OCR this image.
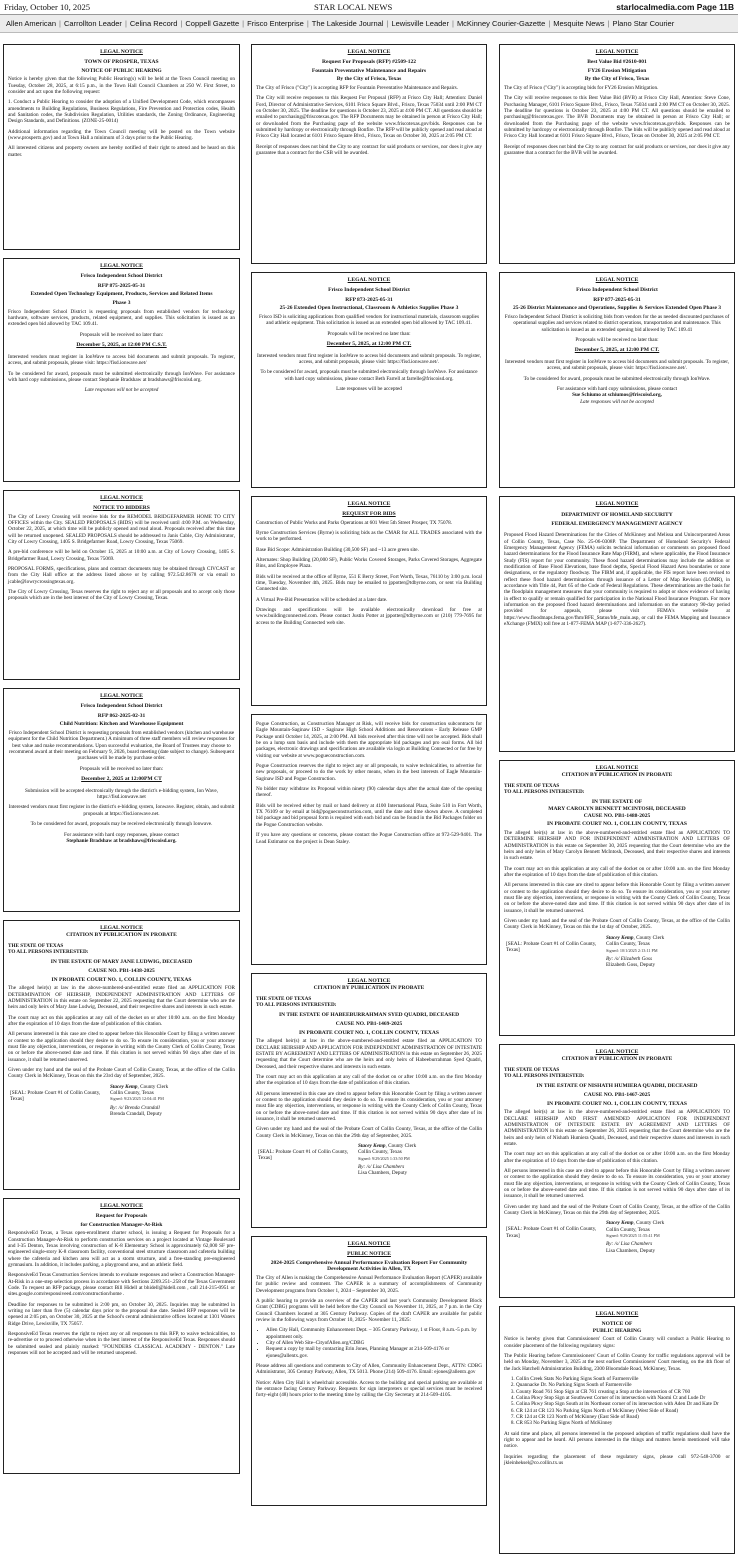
Friday, October 10, 2025	STAR LOCAL NEWS	starlocalmedia.com Page 11B
Allen American | Carrollton Leader | Celina Record | Coppell Gazette | Frisco Enterprise | The Lakeside Journal | Lewisville Leader | McKinney Courier-Gazette | Mesquite News | Plano Star Courier
LEGAL NOTICE
TOWN OF PROSPER, TEXAS
NOTICE OF PUBLIC HEARING

Notice is hereby given that the following Public Hearing(s) will be held at the Town Council meeting on Tuesday, October 28, 2025, at 6:15 p.m., in the Town Hall Council Chambers at 250 W. First Street, to consider and act upon the following request:

1. Conduct a Public Hearing to consider the adoption of a Unified Development Code, which encompasses amendments to Building Regulations, Business Regulations, Fire Prevention and Protection codes, Health and Sanitation codes, the Subdivision Regulation, Utilities standards, the Zoning Ordinance, Engineering Design Standards, and Definitions. (ZONE-25-0014)

Additional information regarding the Town Council meeting will be posted on the Town website (www.prospertx.gov) and at Town Hall a minimum of 3 days prior to the Public Hearing.

All interested citizens and property owners are hereby notified of their right to attend and be heard on this matter.

LEGAL NOTICE
Frisco Independent School District
RFP 875-2025-05-31
Extended Open Technology Equipment, Products, Services and Related Items
Phase 3

Frisco Independent School District is requesting proposals from established vendors for technology hardware, software services, products, related equipment, and supplies. This solicitation is issued as an extended open bid allowed by TAC 109.41.

Proposals will be received no later than:

December 5, 2025, at 12:00 PM C.S.T.

Interested vendors must register in IonWave to access bid documents and submit proposals. To register, access, and submit proposals, please visit: https://fisd.ionwave.net/

To be considered for award, proposals must be submitted electronically through IonWave. For assistance with hard copy submissions, please contact Stephanie Bradshaw at bradshaws@friscoisd.org.

Late responses will not be accepted

LEGAL NOTICE
NOTICE TO BIDDERS

The City of Lowry Crossing will receive bids for the REMODEL BRIDGEFARMER HOME TO CITY OFFICES within the City. SEALED PROPOSALS (BIDS) will be received until 4:00 P.M. on Wednesday, October 22, 2025, at which time will be publicly opened and read aloud. Proposals received after this time will be returned unopened. SEALED PROPOSALS should be addressed to Janis Cable, City Administrator, City of Lowry Crossing, 1405 S. Bridgefarmer Road, Lowry Crossing, Texas 75069.

A pre-bid conference will be held on October 15, 2025 at 10:00 a.m. at City of Lowry Crossing, 1405 S. Bridgefarmer Road, Lowry Crossing, Texas 75069.

PROPOSAL FORMS, specifications, plans and contract documents may be obtained through CIVCAST or from the City Hall office at the address listed above or by calling 972.542.8678 or via email to jcable@lowrycrossingtexas.org.

The City of Lowry Crossing, Texas reserves the right to reject any or all proposals and to accept only those proposals which are in the best interest of the City of Lowry Crossing, Texas.

LEGAL NOTICE
Frisco Independent School District
RFP 862-2025-02-31
Child Nutrition: Kitchen and Warehouse Equipment

Frisco Independent School District is requesting proposals from established vendors (kitchen and warehouse equipment for the Child Nutrition Department.) A minimum of three staff members will review responses for best value and make recommendations. Upon successful evaluation, the Board of Trustees may choose to recommend award at their meeting on February 9, 2026, board meeting (date subject to change). Subsequent purchases will be made by purchase order.

Proposals will be received no later than:

December 2, 2025 at 12:00PM CT

Submission will be accepted electronically through the district's e-bidding system, Ion Wave, https://fisd.ionwave.net

Interested vendors must first register in the district's e-bidding system, Ionwave. Register, obtain, and submit proposals at https://fisd.ionwave.net.

To be considered for award, proposals may be received electronically through Ionwave.

For assistance with hard copy responses, please contact

Stephanie Bradshaw at bradshaws@friscoisd.org.

LEGAL NOTICE
CITATION BY PUBLICATION IN PROBATE
THE STATE OF TEXAS
TO ALL PERSONS INTERESTED:
IN THE ESTATE OF MARY JANE LUDWIG, DECEASED
CAUSE NO. PB1-1438-2025
IN PROBATE COURT NO. 1, COLLIN COUNTY, TEXAS

The alleged heir(s) at law in the above-numbered-and-entitled estate filed an APPLICATION FOR DETERMINATION OF HEIRSHIP, INDEPENDENT ADMINISTRATION AND LETTERS OF ADMINISTRATION in this estate on September 22, 2025 requesting that the Court determine who are the heirs and only heirs of Mary Jane Ludwig, Deceased, and their respective shares and interests in such estate.

The court may act on this application at any call of the docket on or after 10:00 a.m. on the first Monday after the expiration of 10 days from the date of publication of this citation.

All persons interested in this case are cited to appear before this Honorable Court by filing a written answer or contest to the application should they desire to do so. To ensure its consideration, you or your attorney must file any objection, interventions, or response in writing with the County Clerk of Collin County, Texas on or before the above-noted date and time. If this citation is not served within 90 days after date of its issuance, it shall be returned unserved.

Given under my hand and the seal of the Probate Court of Collin County, Texas, at the office of the Collin County Clerk in McKinney, Texas on this the 23rd day of September, 2025.

[SEAL: Probate Court #1 of Collin County, Texas]
Stacey Kemp, County Clerk
Collin County, Texas
Signed: 9/23/2025 12:04:41 PM
By: /s/ Brenda Crandall
Brenda Crandall, Deputy
LEGAL NOTICE
Request for Proposals
for Construction Manager-At-Risk

ResponsiveEd Texas, a Texas open-enrollment charter school, is issuing a Request for Proposals for a Construction Manager-At-Risk to perform construction services on a project located at Vintage Boulevard and I-35 Denton, Texas involving construction of K-8 Elementary School is approximately 62,000 SF pre-engineered single-story K-8 classroom facility, conventional steel structure classroom and cafeteria building where the cafeteria and kitchen area will act as a storm structure, and a free-standing pre-engineered gymnasium. In addition, it includes parking, a playground area, and an athletic field.

ResponsiveEd Texas Construction Services intends to evaluate responses and select a Construction Manager-At-Risk in a one-step selection process in accordance with Sections 2269.251-.258 of the Texas Government Code. To request an RFP package, please contact Bill Hidell at bhidell@hidell.com , call 214-215-0951 or sites.google.com/responsiveed.com/construction/home .

Deadline for responses to be submitted is 2:00 pm, on October 30, 2025. Inquiries may be submitted in writing no later than five (5) calendar days prior to the proposal due date. Sealed RFP responses will be opened at 2:05 pm, on October 30, 2025 at the School's central administrative offices located at 1301 Waters Ridge Drive, Lewisville, TX 75057.

ResponsiveEd Texas reserves the right to reject any or all responses to this RFP, to waive technicalities, to re-advertise or to proceed otherwise when in the best interest of the ResponsiveEd Texas. Responses should be submitted sealed and plainly marked: "FOUNDERS CLASSICAL ACADEMY - DENTON." Late responses will not be accepted and will be returned unopened.

LEGAL NOTICE
Request For Proposals (RFP) #2509-122
Fountain Preventative Maintenance and Repairs
By the City of Frisco, Texas

The City of Frisco ("City") is accepting RFP for Fountain Preventative Maintenance and Repairs.

The City will receive responses to this Request For Proposal (RFP) at Frisco City Hall; Attention: Daniel Ford, Director of Administrative Services, 6101 Frisco Square Blvd., Frisco, Texas 75034 until 2:00 PM CT on October 30, 2025. The deadline for questions is October 23, 2025 at 4:00 PM CT. All questions should be emailed to purchasing@friscotexas.gov. The RFP Documents may be obtained in person at Frisco City Hall; or downloaded from the Purchasing page of the website www.friscotexas.gov/bids. Responses can be submitted by hardcopy or electronically through Bonfire. The RFP will be publicly opened and read aloud at Frisco City Hall located at 6101 Frisco Square Blvd., Frisco, Texas on October 30, 2025 at 2:05 PM CT.

Receipt of responses does not bind the City to any contract for said products or services, nor does it give any guarantee that a contract for the CSB will be awarded.

LEGAL NOTICE
Frisco Independent School District
RFP 873-2025-05-31
25-26 Extended Open Instructional, Classroom & Athletics Supplies Phase 3

Frisco ISD is soliciting applications from qualified vendors for instructional materials, classroom supplies and athletic equipment. This solicitation is issued as an extended open bid allowed by TAC 109.41.

Proposals will be received no later than:

December 5, 2025, at 12:00 PM CT.

Interested vendors must first register in IonWave to access bid documents and submit proposals. To register, access, and submit proposals, please visit: https://fisd.ionwave.net/.

To be considered for award, proposals must be submitted electronically through IonWave. For assistance with hard copy submissions, please contact Beth Farrell at farrelle@friscoisd.org.

Late responses will be accepted

LEGAL NOTICE
REQUEST FOR BIDS

Construction of Public Works and Parks Operations at 601 West 5th Street Prosper, TX 75078.

Byrne Construction Services (Byrne) is soliciting bids as the CMAR for ALL TRADES associated with the work to be performed.

Base Bid Scope: Administration Building (30,500 SF) and ~13 acre green site.

Alternates: Shop Building (20,000 SF), Public Works Covered Storages, Parks Covered Storages, Aggregate Bins, and Employee Plaza.

Bids will be received at the office of Byrne, 551 E Berry Street, Fort Worth, Texas, 76110 by 3:00 p.m. local time, Tuesday, November 4th, 2025. Bids may be emailed to jppotter@tdbyrne.com, or sent via Building Connected site.

A Virtual Pre-Bid Presentation will be scheduled at a later date.

Drawings and specifications will be available electronically download for free at www.buildingconnected.com. Please contact Justin Potter at jppotter@tdbyrne.com or (210) 779-7695 for access to the Building Connected web site.

Pogue Construction, as Construction Manager at Risk, will receive bids for construction subcontracts for Eagle Mountain-Saginaw ISD - Saginaw High School Additions and Renovations - Early Release GMP Package until October 14, 2025, at 2:00 PM. All bids received after this time will not be accepted. Bids shall be on a lump sum basis and include with them the appropriate bid packages and pro osal forms. All bid packages, electronic drawings and specifications are available via login at Building Connected or for free by visiting our website at www.pogueconstruction.com.

Pogue Construction reserves the right to reject any or all proposals, to waive technicalities, to advertise for new proposals, or proceed to do the work by other means, when in the best interests of Eagle Mountain-Saginaw ISD and Pogue Construction.

No bidder may withdraw its Proposal within ninety (90) calendar days after the actual date of the opening thereof.

Bids will be received either by mail or hand delivery at 4100 International Plaza, Suite 510 in Fort Worth, TX 76109 or by email at bid@pogueconstruction.com, until the date and time shown above. A completed bid package and bid proposal form is required with each bid and can be found in the Bid Packages folder on the Pogue Construction website.

If you have any questions or concerns, please contact the Pogue Construction office at 972-529-9401. The Lead Estimator on the project is Dean Staley.

LEGAL NOTICE
CITATION BY PUBLICATION IN PROBATE
THE STATE OF TEXAS
TO ALL PERSONS INTERESTED:
IN THE ESTATE OF HABEEBURRAHMAN SYED QUADRI, DECEASED
CAUSE NO. PB1-1469-2025
IN PROBATE COURT NO. 1, COLLIN COUNTY, TEXAS

The alleged heir(s) at law in the above-numbered-and-entitled estate filed an APPLICATION TO DECLARE HEIRSHIP AND APPLICATION FOR INDEPENDENT ADMINISTRATION OF INTESTATE ESTATE BY AGREEMENT AND LETTERS OF ADMINISTRATION in this estate on September 26, 2025 requesting that the Court determine who are the heirs and only heirs of Habeeburrahman Syed Quadri, Deceased, and their respective shares and interests in such estate.

The court may act on this application at any call of the docket on or after 10:00 a.m. on the first Monday after the expiration of 10 days from the date of publication of this citation.

All persons interested in this case are cited to appear before this Honorable Court by filing a written answer or contest to the application should they desire to do so. To ensure its consideration, you or your attorney must file any objection, interventions, or response in writing with the County Clerk of Collin County, Texas on or before the above-noted date and time. If this citation is not served within 90 days after date of its issuance, it shall be returned unserved.

Given under my hand and the seal of the Probate Court of Collin County, Texas, at the office of the Collin County Clerk in McKinney, Texas on this the 29th day of September, 2025.

[SEAL: Probate Court #1 of Collin County, Texas]
Stacey Kemp, County Clerk
Collin County, Texas
Signed: 9/29/2025 1:33:50 PM
By: /s/ Lisa Chambers
Lisa Chambers, Deputy
LEGAL NOTICE
PUBLIC NOTICE
2024-2025 Comprehensive Annual Performance Evaluation Report For Community Development Activities in Allen, TX

The City of Allen is making the Comprehensive Annual Performance Evaluation Report (CAPER) available for public review and comment. The CAPER is a summary of accomplishments of Community Development programs from October 1, 2024 – September 30, 2025.

A public hearing to provide an overview of the CAPER and last year's Community Development Block Grant (CDBG) programs will be held before the City Council on November 11, 2025, at 7 p.m. in the City Council Chambers located at 305 Century Parkway. Copies of the draft CAPER are available for public review in the following ways from October 10, 2025- November 11, 2025:

• Allen City Hall, Community Enhancement Dept. – 305 Century Parkway, 1 st Floor, 8 a.m.-5 p.m. by appointment only.
• City of Allen Web Site–CityofAllen.org/CDBG
• Request a copy by mail by contacting Erin Jones, Planning Manager at 214-509-4176 or ejones@allentx.gov.

Please address all questions and comments to City of Allen, Community Enhancement Dept., ATTN: CDBG Administrator, 305 Century Parkway, Allen, TX 5013. Phone (214) 509-4176. Email: ejones@allentx.gov

Notice: Allen City Hall is wheelchair accessible. Access to the building and special parking are available at the entrance facing Century Parkway. Requests for sign interpreters or special services must be received forty-eight (48) hours prior to the meeting time by calling the City Secretary at 214-509-4105.

LEGAL NOTICE
Best Value Bid #2610-001
FY26 Erosion Mitigation
By the City of Frisco, Texas

The City of Frisco ("City") is accepting bids for FY26 Erosion Mitigation.

The City will receive responses to this Best Value Bid (BVB) at Frisco City Hall, Attention: Steve Cone, Purchasing Manager, 6101 Frisco Square Blvd., Frisco, Texas 75034 until 2:00 PM CT on October 30, 2025. The deadline for questions is October 23, 2025 at 4:00 PM CT. All questions should be emailed to purchasing@friscotexas.gov. The BVB Documents may be obtained in person at Frisco City Hall; or downloaded from the Purchasing page of the website www.friscotexas.gov/bids. Responses can be submitted by hardcopy or electronically through Bonfire. The bids will be publicly opened and read aloud at Frisco City Hall located at 6101 Frisco Square Blvd., Frisco, Texas on October 30, 2025 at 2:05 PM CT.

Receipt of responses does not bind the City to any contract for said products or services, nor does it give any guarantee that a contract for the BVB will be awarded.

LEGAL NOTICE
Frisco Independent School District
RFP 877-2025-05-31
25-26 District Maintenance and Operations, Supplies & Services Extended Open Phase 3

Frisco Independent School District is soliciting bids from vendors for the as needed discounted purchases of operational supplies and services related to district operations, transportation and maintenance. This solicitation is issued as an extended opening bid allowed by TAC 109.41

Proposals will be received no later than:

December 5, 2025, at 12:00 PM CT.

Interested vendors must first register in IonWave to access bid documents and submit proposals. To register, access, and submit proposals, please visit: https://fisd.ionwave.net/.

To be considered for award, proposals must be submitted electronically through IonWave.

For assistance with hard copy submissions, please contact

Sue Schiumo at schiumos@friscoisd.org,

Late responses will not be accepted

LEGAL NOTICE
DEPARTMENT OF HOMELAND SECURITY
FEDERAL EMERGENCY MANAGEMENT AGENCY

Proposed Flood Hazard Determinations for the Cities of McKinney and Melissa and Unincorporated Areas of Collin County, Texas, Case No. 25-06-0308P. The Department of Homeland Security's Federal Emergency Management Agency (FEMA) solicits technical information or comments on proposed flood hazard determinations for the Flood Insurance Rate Map (FIRM), and where applicable, the Flood Insurance Study (FIS) report for your community. These flood hazard determinations may include the addition or modification of Base Flood Elevations, base flood depths, Special Flood Hazard Area boundaries or zone designations, or the regulatory floodway. The FIRM and, if applicable, the FIS report have been revised to reflect these flood hazard determinations through issuance of a Letter of Map Revision (LOMR), in accordance with Title 44, Part 65 of the Code of Federal Regulations. These determinations are the basis for the floodplain management measures that your community is required to adopt or show evidence of having in effect to qualify or remain qualified for participation in the National Flood Insurance Program. For more information on the proposed flood hazard determinations and information on the statutory 90-day period provided for appeals, please visit FEMA's website at https://www.floodmaps.fema.gov/fhm/BFE_Status/bfe_main.asp, or call the FEMA Mapping and Insurance eXchange (FMIX) toll free at 1-877-FEMA MAP (1-877-336-2627).

LEGAL NOTICE
CITATION BY PUBLICATION IN PROBATE
THE STATE OF TEXAS
TO ALL PERSONS INTERESTED:
IN THE ESTATE OF
MARY CAROLYN BENNETT MCINTOSH, DECEASED
CAUSE NO. PB1-1488-2025
IN PROBATE COURT NO. 1, COLLIN COUNTY, TEXAS

The alleged heir(s) at law in the above-numbered-and-entitled estate filed an APPLICATION TO DETERMINE HEIRSHIP AND FOR INDEPENDENT ADMINISTRATION AND LETTERS OF ADMINISTRATION in this estate on September 30, 2025 requesting that the Court determine who are the heirs and only heirs of Mary Carolyn Bennett McIntosh, Deceased, and their respective shares and interests in such estate.

The court may act on this application at any call of the docket on or after 10:00 a.m. on the first Monday after the expiration of 10 days from the date of publication of this citation.

All persons interested in this case are cited to appear before this Honorable Court by filing a written answer or contest to the application should they desire to do so. To ensure its consideration, you or your attorney must file any objection, interventions, or response in writing with the County Clerk of Collin County, Texas on or before the above-noted date and time. If this citation is not served within 90 days after date of its issuance, it shall be returned unserved.

Given under my hand and the seal of the Probate Court of Collin County, Texas, at the office of the Collin County Clerk in McKinney, Texas on this the 1st day of October, 2025.

[SEAL: Probate Court #1 of Collin County, Texas]
Stacey Kemp, County Clerk
Collin County, Texas
Signed: 10/1/2025 2:13:11 PM
By: /s/ Elizabeth Goss
Elizabeth Goss, Deputy
LEGAL NOTICE
CITATION BY PUBLICATION IN PROBATE
THE STATE OF TEXAS
TO ALL PERSONS INTERESTED:
IN THE ESTATE OF NISHATH HUMIERA QUADRI, DECEASED
CAUSE NO. PB1-1467-2025
IN PROBATE COURT NO. 1, COLLIN COUNTY, TEXAS

The alleged heir(s) at law in the above-numbered-and-entitled estate filed an APPLICATION TO DECLARE HEIRSHIP AND FIRST AMENDED APPLICATION FOR INDEPENDENT ADMINISTRATION OF INTESTATE ESTATE BY AGREEMENT AND LETTERS OF ADMINISTRATION in this estate on September 26, 2025 requesting that the Court determine who are the heirs and only heirs of Nishath Humiera Quadri, Deceased, and their respective shares and interests in such estate.

The court may act on this application at any call of the docket on or after 10:00 a.m. on the first Monday after the expiration of 10 days from the date of publication of this citation.

All persons interested in this case are cited to appear before this Honorable Court by filing a written answer or contest to the application should they desire to do so. To ensure its consideration, you or your attorney must file any objection, interventions, or response in writing with the County Clerk of Collin County, Texas on or before the above-noted date and time. If this citation is not served within 90 days after date of its issuance, it shall be returned unserved.

Given under my hand and the seal of the Probate Court of Collin County, Texas, at the office of the Collin County Clerk in McKinney, Texas on this the 29th day of September, 2025.

[SEAL: Probate Court #1 of Collin County, Texas]
Stacey Kemp, County Clerk
Collin County, Texas
Signed: 9/29/2025 11:55:41 PM
By: /s/ Lisa Chambers
Lisa Chambers, Deputy
LEGAL NOTICE
NOTICE OF
PUBLIC HEARING

Notice is hereby given that Commissioners' Court of Collin County will conduct a Public Hearing to consider placement of the following regulatory signs:

The Public Hearing before Commissioners' Court of Collin County for traffic regulations approval will be held on Monday, November 3, 2025 at the next earliest Commissioners' Court meeting, on the 4th floor of the Jack Hatchell Administration Building, 2300 Bloomdale Road, McKinney, Texas.

1. Collin Creek Stats No Parking Signs South of Farmersville
2. Quannacke Dr. No Parking Signs South of Farmersville
3. County Road 761 Stop Sign at CR 761 creating a Stop at the intersection of CR 760
4. Colina Pkwy Stop Sign at Southwest Corner of its intersection with Naomi Ct and Lude Dr
5. Colina Pkwy Stop Sign South at its Northeast corner of its intersection with Aden Dr and Kate Dr
6. CR 124 at CR 123 No Parking Signs North of McKinney (West Side of Road)
7. CR 124 at CR 123 North of McKinney (East Side of Road)
8. CR 853 No Parking Signs North of McKinney

At said time and place, all persons interested in the proposed adoption of traffic regulations shall have the right to appear and be heard. All persons interested in the things and matters herein mentioned will take notice.

Inquiries regarding the placement of these regulatory signs, please call 972-548-3700 or jkleinheksel@co.collin.tx.us
